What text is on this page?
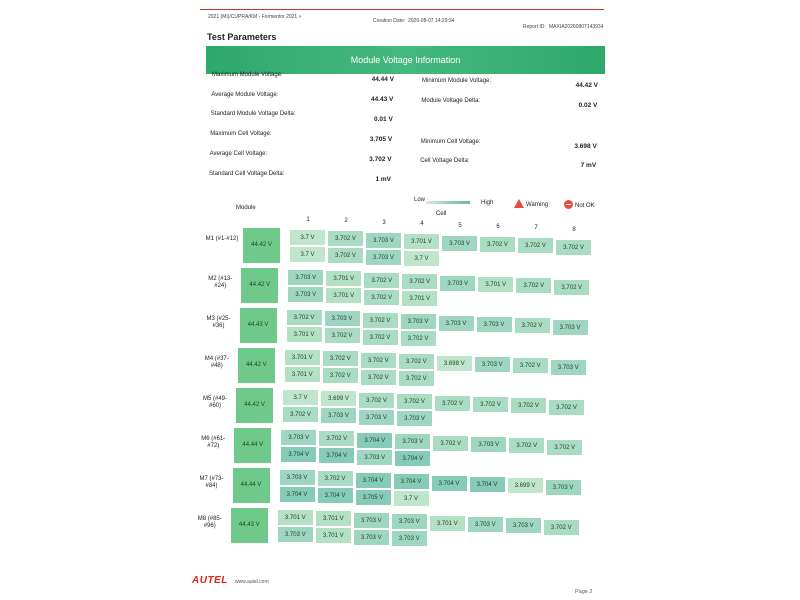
2021 (MI)/CUPRA/KM - Formentor 2021 »
Creation Date: 2026-08-07 14:29:34
Report ID: MAXIA20260807143934
Test Parameters
Module Voltage Information
Maximum Module Voltage:
44.44 V
Average Module Voltage:
44.43 V
Standard Module Voltage Delta:
0.01 V
Maximum Cell Voltage:
3.705 V
Average Cell Voltage:
3.702 V
Standard Cell Voltage Delta:
1 mV
Minimum Module Voltage:
44.42 V
Module Voltage Delta:
0.02 V
Minimum Cell Voltage:
3.698 V
Cell Voltage Delta:
7 mV
Low	High	Warning	Not OK
Module
Cell
1	2	3	4	5	6	7	8
M1 (#1-#12)
44.42 V
3.7 V	3.702 V	3.703 V	3.701 V	3.703 V	3.702 V	3.702 V	3.702 V
3.7 V	3.702 V	3.703 V	3.7 V
M2 (#13-#24)	44.42 V
3.703 V	3.701 V	3.702 V	3.702 V	3.703 V	3.701 V	3.702 V	3.702 V
3.703 V	3.701 V	3.702 V	3.701 V
M3 (#25-#36)	44.43 V
3.702 V	3.703 V	3.702 V	3.703 V	3.703 V	3.703 V	3.702 V	3.703 V
3.701 V	3.702 V	3.702 V	3.702 V
M4 (#37-#48)	44.42 V
3.701 V	3.702 V	3.702 V	3.702 V	3.698 V	3.703 V	3.702 V	3.703 V
3.701 V	3.702 V	3.702 V	3.702 V
M5 (#49-#60)	44.42 V
3.7 V	3.699 V	3.702 V	3.702 V	3.702 V	3.702 V	3.702 V	3.702 V
3.702 V	3.703 V	3.703 V	3.703 V
M6 (#61-#72)	44.44 V
3.703 V	3.702 V	3.704 V	3.703 V	3.702 V	3.703 V	3.702 V	3.702 V
3.704 V	3.704 V	3.703 V	3.704 V
M7 (#73-#84)	44.44 V
3.703 V	3.702 V	3.704 V	3.704 V	3.704 V	3.704 V	3.699 V	3.703 V
3.704 V	3.704 V	3.705 V	3.7 V
M8 (#85-#96)	44.43 V
3.701 V	3.701 V	3.703 V	3.703 V	3.701 V	3.703 V	3.703 V	3.702 V
3.703 V	3.701 V	3.703 V	3.703 V
AUTEL www.autel.com
Page 2
